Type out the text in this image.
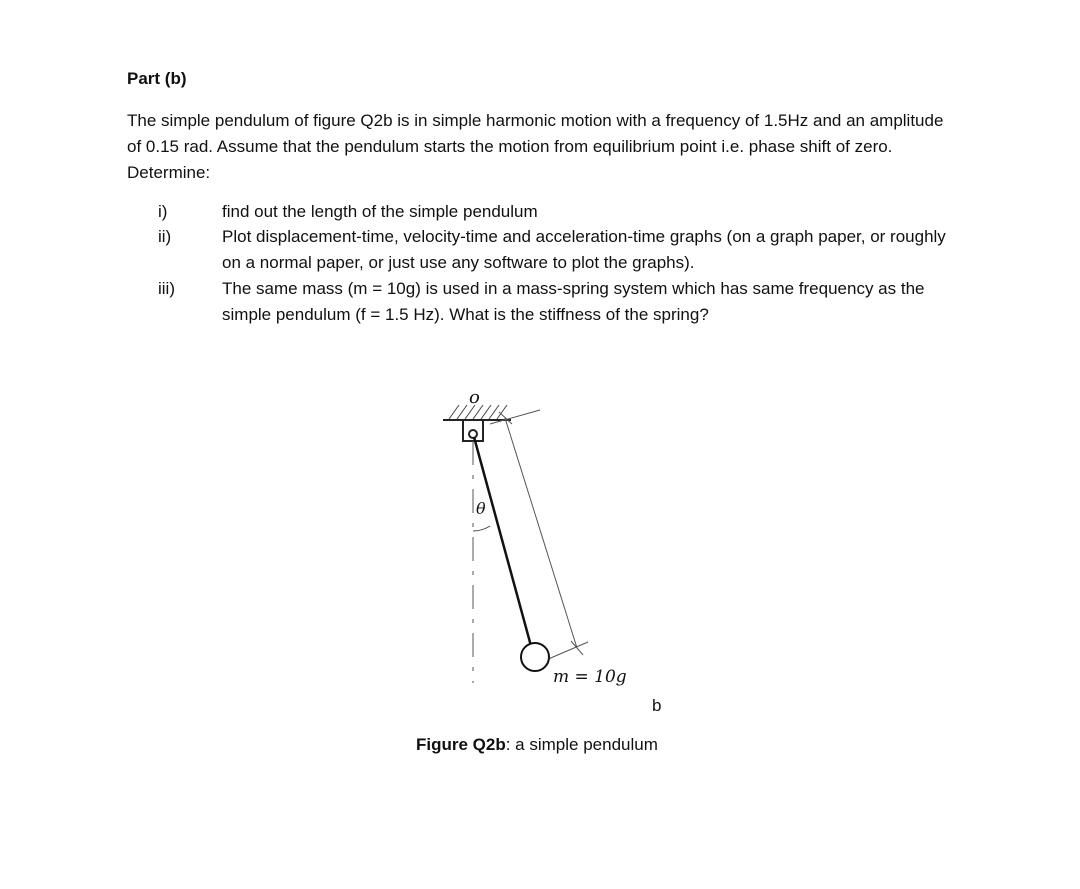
Part (b)

The simple pendulum of figure Q2b is in simple harmonic motion with a frequency of 1.5Hz and an amplitude of 0.15 rad. Assume that the pendulum starts the motion from equilibrium point i.e. phase shift of zero. Determine:

i)	find out the length of the simple pendulum
ii)	Plot displacement-time, velocity-time and acceleration-time graphs (on a graph paper, or roughly on a normal paper, or just use any software to plot the graphs).
iii)	The same mass (m = 10g) is used in a mass-spring system which has same frequency as the simple pendulum (f = 1.5 Hz). What is the stiffness of the spring?
o
θ
m = 10g
b
Figure Q2b: a simple pendulum
